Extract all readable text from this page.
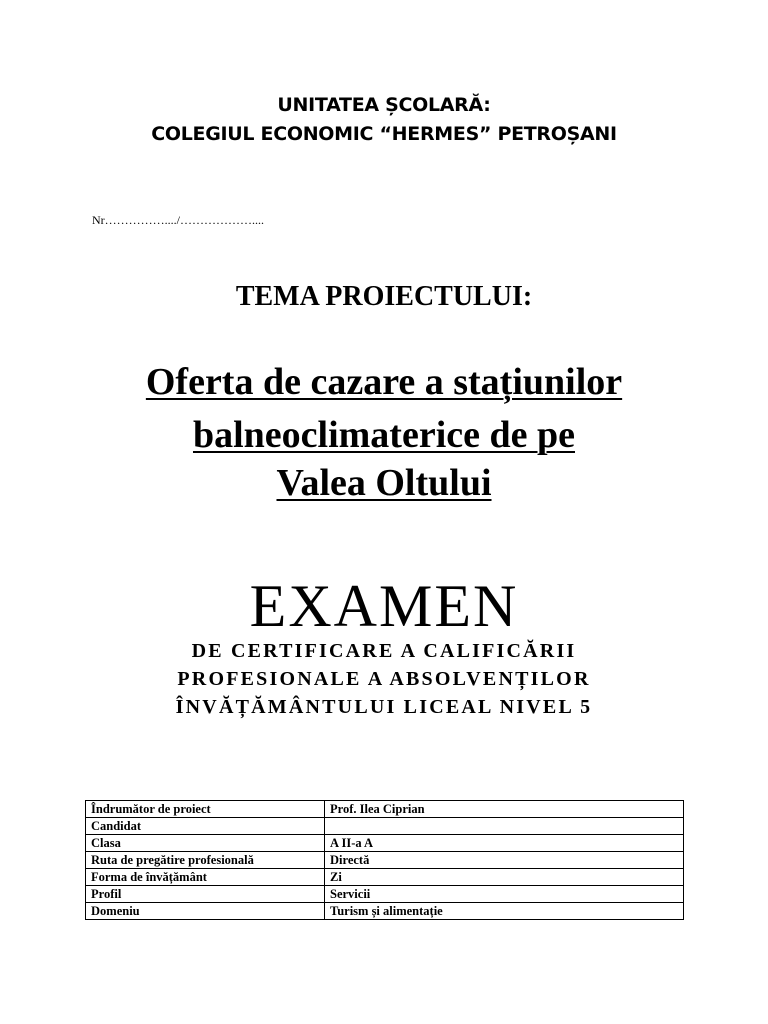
UNITATEA ȘCOLARĂ:
COLEGIUL ECONOMIC “HERMES” PETROȘANI
Nr……………..../………………....
TEMA PROIECTULUI:
Oferta de cazare a stațiunilor
balneoclimaterice de pe
Valea Oltului
EXAMEN
DE CERTIFICARE A CALIFICĂRII
PROFESIONALE A ABSOLVENȚILOR
ÎNVĂȚĂMÂNTULUI LICEAL NIVEL 5
Îndrumător de proiect	Prof. Ilea Ciprian
Candidat	
Clasa	A II-a A
Ruta de pregătire profesională	Directă
Forma de învățământ	Zi
Profil	Servicii
Domeniu	Turism și alimentație
